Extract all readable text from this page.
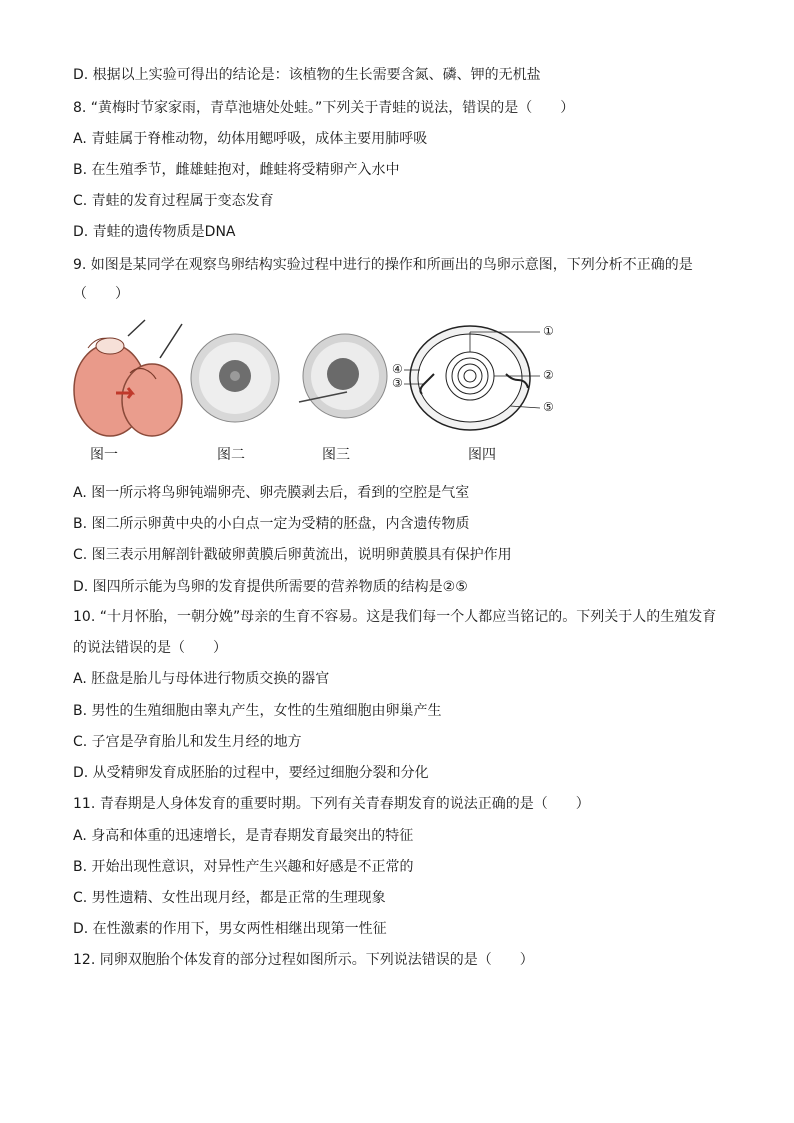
D. 根据以上实验可得出的结论是：该植物的生长需要含氮、磷、钾的无机盐
8. “黄梅时节家家雨，青草池塘处处蛙。”下列关于青蛙的说法，错误的是（　　）
A. 青蛙属于脊椎动物，幼体用鳃呼吸，成体主要用肺呼吸
B. 在生殖季节，雌雄蛙抱对，雌蛙将受精卵产入水中
C. 青蛙的发育过程属于变态发育
D. 青蛙的遗传物质是DNA
9. 如图是某同学在观察鸟卵结构实验过程中进行的操作和所画出的鸟卵示意图，下列分析不正确的是
（　　）
A. 图一所示将鸟卵钝端卵壳、卵壳膜剥去后，看到的空腔是气室
B. 图二所示卵黄中央的小白点一定为受精的胚盘，内含遗传物质
C. 图三表示用解剖针戳破卵黄膜后卵黄流出，说明卵黄膜具有保护作用
D. 图四所示能为鸟卵的发育提供所需要的营养物质的结构是②⑤
10. “十月怀胎，一朝分娩”母亲的生育不容易。这是我们每一个人都应当铭记的。下列关于人的生殖发育
的说法错误的是（　　）
A. 胚盘是胎儿与母体进行物质交换的器官
B. 男性的生殖细胞由睾丸产生，女性的生殖细胞由卵巢产生
C. 子宫是孕育胎儿和发生月经的地方
D. 从受精卵发育成胚胎的过程中，要经过细胞分裂和分化
11. 青春期是人身体发育的重要时期。下列有关青春期发育的说法正确的是（　　）
A. 身高和体重的迅速增长，是青春期发育最突出的特征
B. 开始出现性意识，对异性产生兴趣和好感是不正常的
C. 男性遗精、女性出现月经，都是正常的生理现象
D. 在性激素的作用下，男女两性相继出现第一性征
12. 同卵双胞胎个体发育的部分过程如图所示。下列说法错误的是（　　）
①
②
③
④
⑤
图一	图二	图三	图四
